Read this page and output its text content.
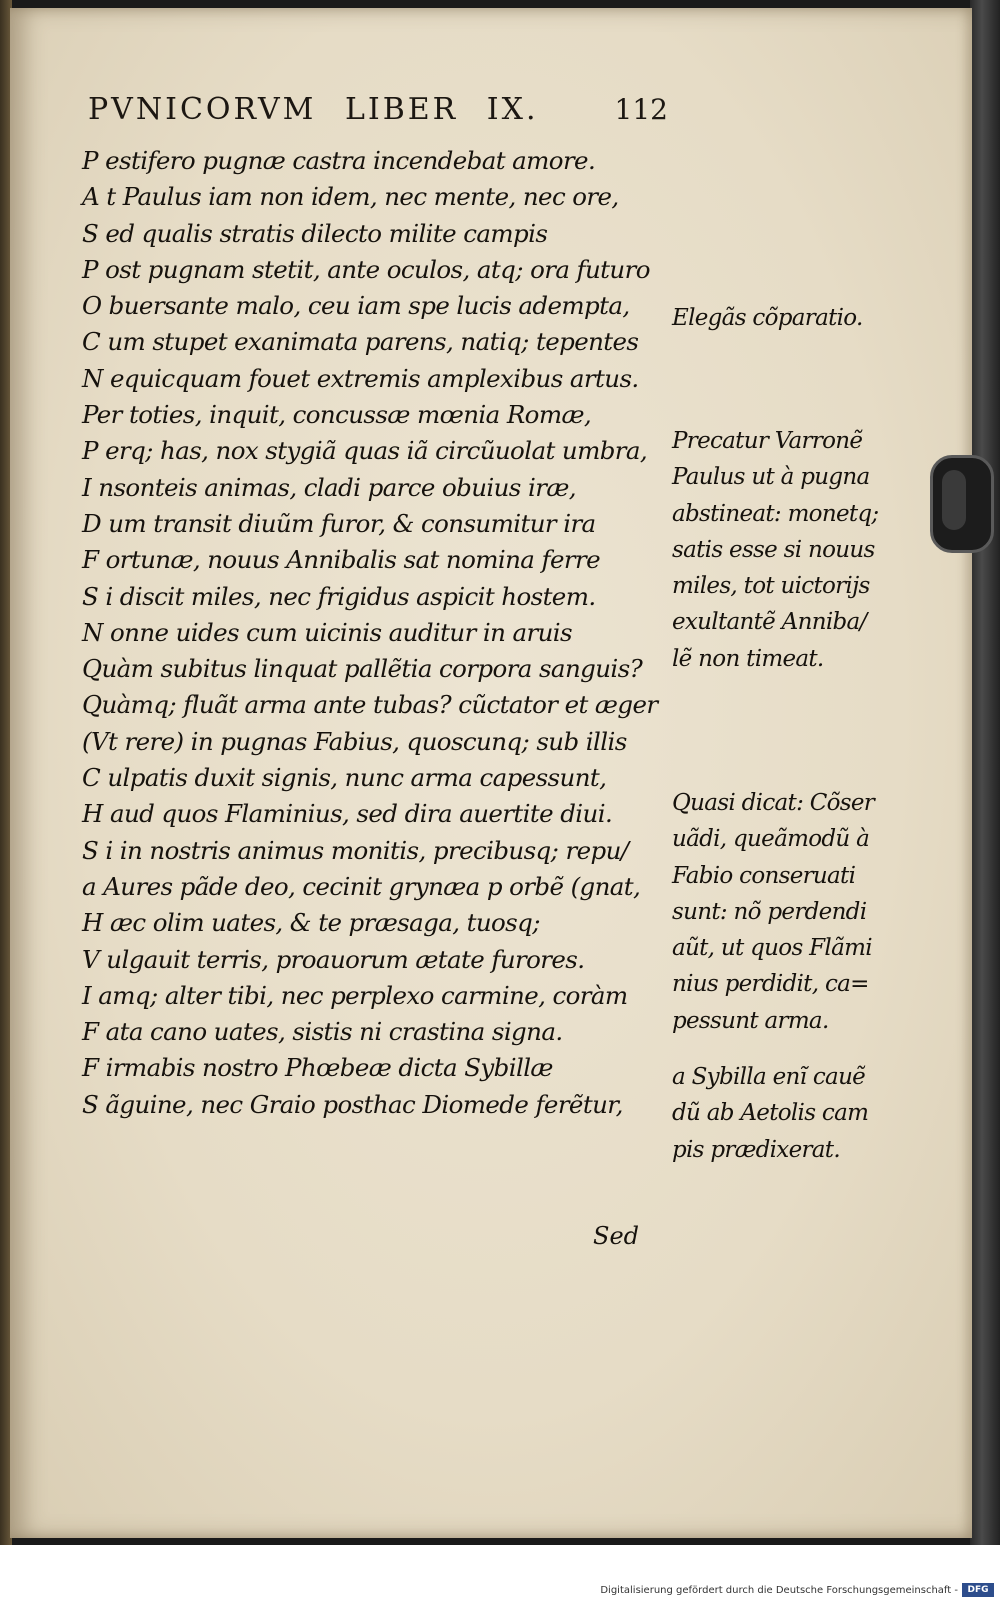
PVNICORVM LIBER IX.	112
P estifero pugnæ castra incendebat amore.
A t Paulus iam non idem, nec mente, nec ore,
S ed qualis stratis dilecto milite campis
P ost pugnam stetit, ante oculos, atq; ora futuro
O buersante malo, ceu iam spe lucis adempta,
C um stupet exanimata parens, natiq; tepentes
N equicquam fouet extremis amplexibus artus.
Per toties, inquit, concussæ mœnia Romæ,
P erq; has, nox stygiã quas iã circũuolat umbra,
I nsonteis animas, cladi parce obuius iræ,
D um transit diuũm furor, & consumitur ira
F ortunæ, nouus Annibalis sat nomina ferre
S i discit miles, nec frigidus aspicit hostem.
N onne uides cum uicinis auditur in aruis
Quàm subitus linquat pallẽtia corpora sanguis?
Quàmq; fluãt arma ante tubas? cũctator et æger
(Vt rere) in pugnas Fabius, quoscunq; sub illis
C ulpatis duxit signis, nunc arma capessunt,
H aud quos Flaminius, sed dira auertite diui.
S i in nostris animus monitis, precibusq; repu/
a Aures pãde deo, cecinit grynæa p orbẽ (gnat,
H æc olim uates, & te præsaga, tuosq;
V ulgauit terris, proauorum ætate furores.
I amq; alter tibi, nec perplexo carmine, coràm
F ata cano uates, sistis ni crastina signa.
F irmabis nostro Phœbeæ dicta Sybillæ
S ãguine, nec Graio posthac Diomede ferẽtur,
Sed
Elegãs cõparatio.
Precatur Varronẽ
Paulus ut à pugna
abstineat: monetq;
satis esse si nouus
miles, tot uictorijs
exultantẽ Anniba/
lẽ non timeat.
Quasi dicat: Cõser
uãdi, queãmodũ à
Fabio conseruati
sunt: nõ perdendi
aũt, ut quos Flãmi
nius perdidit, ca=
pessunt arma.
a Sybilla enĩ cauẽ
dũ ab Aetolis cam
pis prædixerat.
Digitalisierung gefördert durch die Deutsche Forschungsgemeinschaft -	DFG
